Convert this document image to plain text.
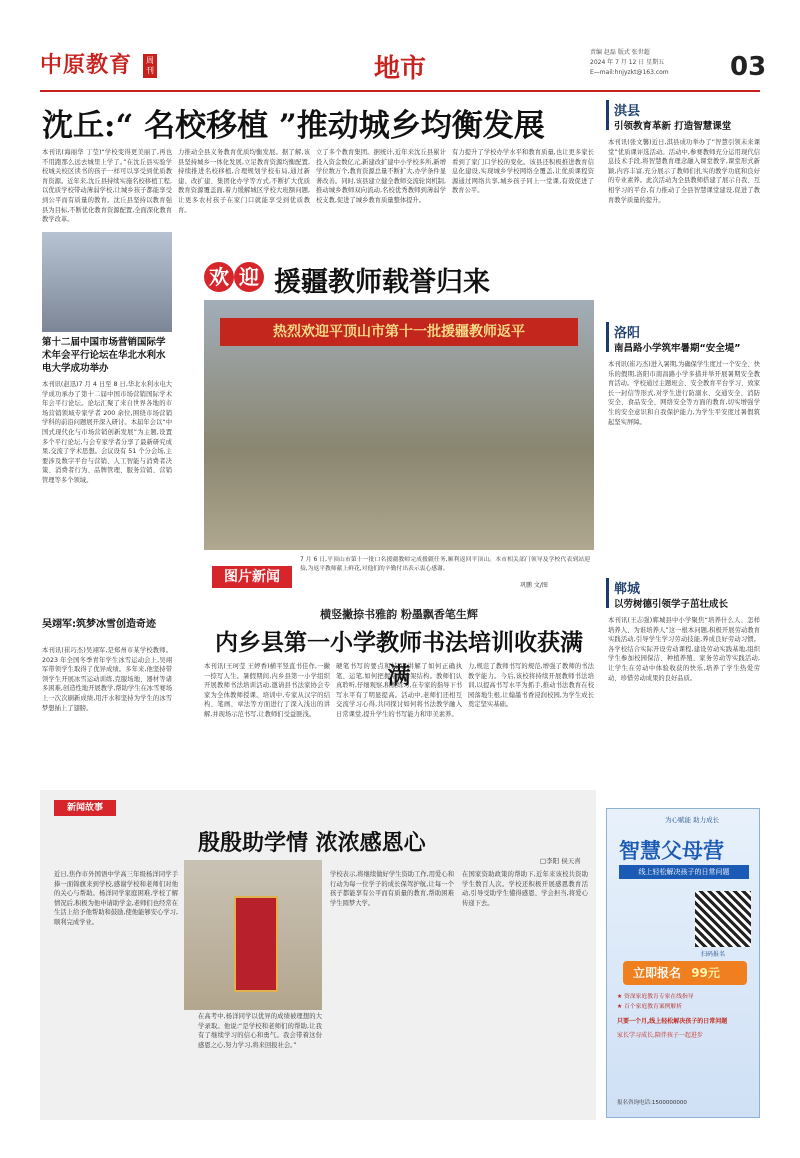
中原教育	周刊	地市
责编 赵磊 版式 张世超
2024 年 7 月 12 日 星期五
E—mail:hnjyzkt@163.com 03
沈丘:“ 名校移植 ”推动城乡均衡发展
本刊讯(海丽华 丁莹)“学校变得更美丽了,再也不用跑那么远去城里上学了。”在沈丘县实验学校城关校区读书的孩子一样可以享受到优质教育资源。近年来,沈丘县持续实施名校移植工程,以优质学校带动薄弱学校,让城乡孩子都能享受到公平而有质量的教育。沈丘县坚持以教育强县为目标,不断优化教育资源配置,全面深化教育教学改革。
力推动全县义务教育优质均衡发展。据了解,该县坚持城乡一体化发展,立足教育资源均衡配置,持续推进名校移植,合理规划学校布局,通过新建、改扩建、集团化办学等方式,不断扩大优质教育资源覆盖面,着力缓解城区学校大班额问题,让更多农村孩子在家门口就能享受到优质教育。
立了多个教育集团。据统计,近年来沈丘县累计投入资金数亿元,新建改扩建中小学校多所,新增学位数万个,教育资源总量不断扩大,办学条件显著改善。同时,该县建立健全教师交流轮岗机制,推动城乡教师双向流动,名校优秀教师到薄弱学校支教,促进了城乡教育质量整体提升。
有力提升了学校办学水平和教育质量,也让更多家长看到了家门口学校的变化。该县还积极推进教育信息化建设,实现城乡学校网络全覆盖,让优质课程资源通过网络共享,城乡孩子同上一堂课,有效促进了教育公平。
第十二届中国市场营销国际学术年会平行论坛在华北水利水电大学成功举办
本刊讯(赵迅)7 月 4 日至 8 日,华北水利水电大学成功承办了第十二届中国市场营销国际学术年会平行论坛。论坛汇聚了来自世界各地的市场营销领域专家学者 200 余位,围绕市场营销学科的前沿问题展开深入研讨。本届年会以“中国式现代化与市场营销创新发展”为主题,设置多个平行论坛,与会专家学者分享了最新研究成果,交流了学术思想。会议设有 51 个分会场,主要涉及数字平台与营销、人工智能与消费者决策、消费者行为、品牌管理、服务营销、营销管理等多个领域。
吴翊军:筑梦冰雪创造奇迹
本刊讯(崔巧杰)吴翊军,是郑州市某学校教师。2023 年全国冬季青年学生冰雪运动会上,吴翊军带领学生取得了优异成绩。多年来,他坚持带领学生开展冰雪运动训练,克服场地、器材等诸多困难,创造性地开展教学,帮助学生在冰雪赛场上一次次刷新成绩,用汗水和坚持为学生的冰雪梦想插上了翅膀。
欢 迎 援疆教师载誉归来
热烈欢迎平顶山市第十一批援疆教师返平
图片新闻
7 月 6 日,平顶山市第十一批口名援疆教师完成援疆任务,顺利返回平顶山。本市相关部门领导及学校代表到站迎接,为返平教师献上鲜花,对他们的辛勤付出表示衷心感谢。
巩鹏 文/图
横竖撇捺书雅韵 粉墨飘香笔生辉
内乡县第一小学教师书法培训收获满满
本刊讯(王珂莹 王婷香)横平竖直书佳作,一撇一捺写人生。暑假期间,内乡县第一小学组织开展教师书法培训活动,邀请县书法家协会专家为全体教师授课。培训中,专家从汉字的结构、笔画、章法等方面进行了深入浅出的讲解,并现场示范书写,让教师们受益匪浅。
硬笔书写的要点和技巧,讲解了如何正确执笔、运笔,如何把握字的间架结构。教师们认真聆听,仔细观察,积极练习,在专家的指导下书写水平有了明显提高。活动中,老师们还相互交流学习心得,共同探讨如何将书法教学融入日常课堂,提升学生的书写能力和审美素养。
力,规范了教师书写的规范,增强了教师的书法教学能力。今后,该校将持续开展教师书法培训,以提高书写水平为抓手,推动书法教育在校园落地生根,让翰墨书香浸润校园,为学生成长奠定坚实基础。
淇县
引领教育革新 打造智慧课堂
本刊讯(张文馨)近日,淇县成功举办了“智慧引领未来课堂”优质课评选活动。活动中,参赛教师充分运用现代信息技术手段,将智慧教育理念融入课堂教学,课堂形式新颖,内容丰富,充分展示了教师们扎实的教学功底和良好的专业素养。此次活动为全县教师搭建了展示自我、互相学习的平台,有力推动了全县智慧课堂建设,促进了教育教学质量的提升。
洛阳
南昌路小学筑牢暑期“安全堤”
本刊讯(崔巧杰)进入暑期,为确保学生度过一个安全、快乐的假期,洛阳市南昌路小学多措并举开展暑期安全教育活动。学校通过主题班会、安全教育平台学习、致家长一封信等形式,对学生进行防溺水、交通安全、消防安全、食品安全、网络安全等方面的教育,切实增强学生的安全意识和自我保护能力,为学生平安度过暑假筑起坚实屏障。
郸城
以劳树德引领学子茁壮成长
本刊讯(王志强)郸城县中小学聚焦“培养什么人、怎样培养人、为谁培养人”这一根本问题,积极开展劳动教育实践活动,引导学生学习劳动技能,养成良好劳动习惯。各学校结合实际开设劳动课程,建设劳动实践基地,组织学生参加校园保洁、种植养殖、家务劳动等实践活动,让学生在劳动中体验收获的快乐,培养了学生热爱劳动、珍惜劳动成果的良好品质。
新闻故事
殷殷助学情 浓浓感恩心
□李阳 侯天喜
近日,焦作市外国语中学高三年级杨洋同学手捧一面锦旗来到学校,感谢学校和老师们对他的关心与帮助。杨洋同学家庭困难,学校了解情况后,积极为他申请助学金,老师们也经常在生活上给予他帮助和鼓励,使他能够安心学习,顺利完成学业。
在高考中,杨洋同学以优异的成绩被理想的大学录取。他说:“是学校和老师们的帮助,让我有了继续学习的信心和勇气。我会带着这份感恩之心,努力学习,将来回报社会。”
学校表示,将继续做好学生资助工作,用爱心和行动为每一位学子的成长保驾护航,让每一个孩子都能享有公平而有质量的教育,帮助困难学生圆梦大学。
在国家资助政策的帮助下,近年来该校共资助学生数百人次。学校还积极开展感恩教育活动,引导受助学生懂得感恩、学会担当,将爱心传递下去。
为心赋能 助力成长
智慧父母营
线上轻松解决孩子的日常问题
扫码报名
立即报名 99元
★ 资深家庭教育专家在线指导
★ 百个家庭教育案例解析
只要一个月,线上轻松解决孩子的日常问题
家长学习成长,陪伴孩子一起进步
报名咨询电话:1500000000
